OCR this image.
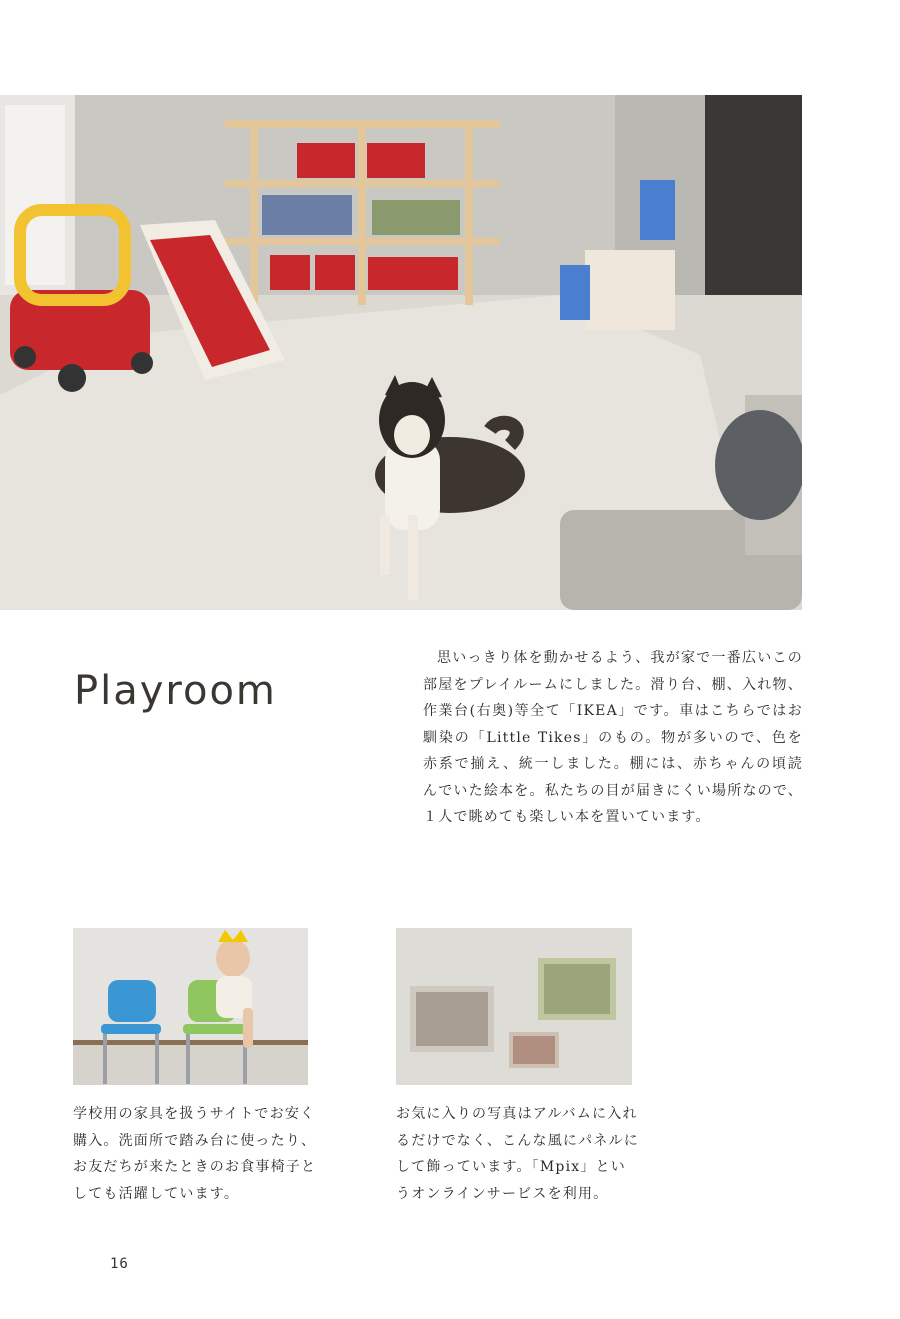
Playroom
思いっきり体を動かせるよう、我が家で一番広いこの部屋をプレイルームにしました。滑り台、棚、入れ物、作業台(右奥)等全て「IKEA」です。車はこちらではお馴染の「Little Tikes」のもの。物が多いので、色を赤系で揃え、統一しました。棚には、赤ちゃんの頃読んでいた絵本を。私たちの目が届きにくい場所なので、１人で眺めても楽しい本を置いています。
学校用の家具を扱うサイトでお安く購入。洗面所で踏み台に使ったり、お友だちが来たときのお食事椅子としても活躍しています。
お気に入りの写真はアルバムに入れるだけでなく、こんな風にパネルにして飾っています。「Mpix」というオンラインサービスを利用。
16
